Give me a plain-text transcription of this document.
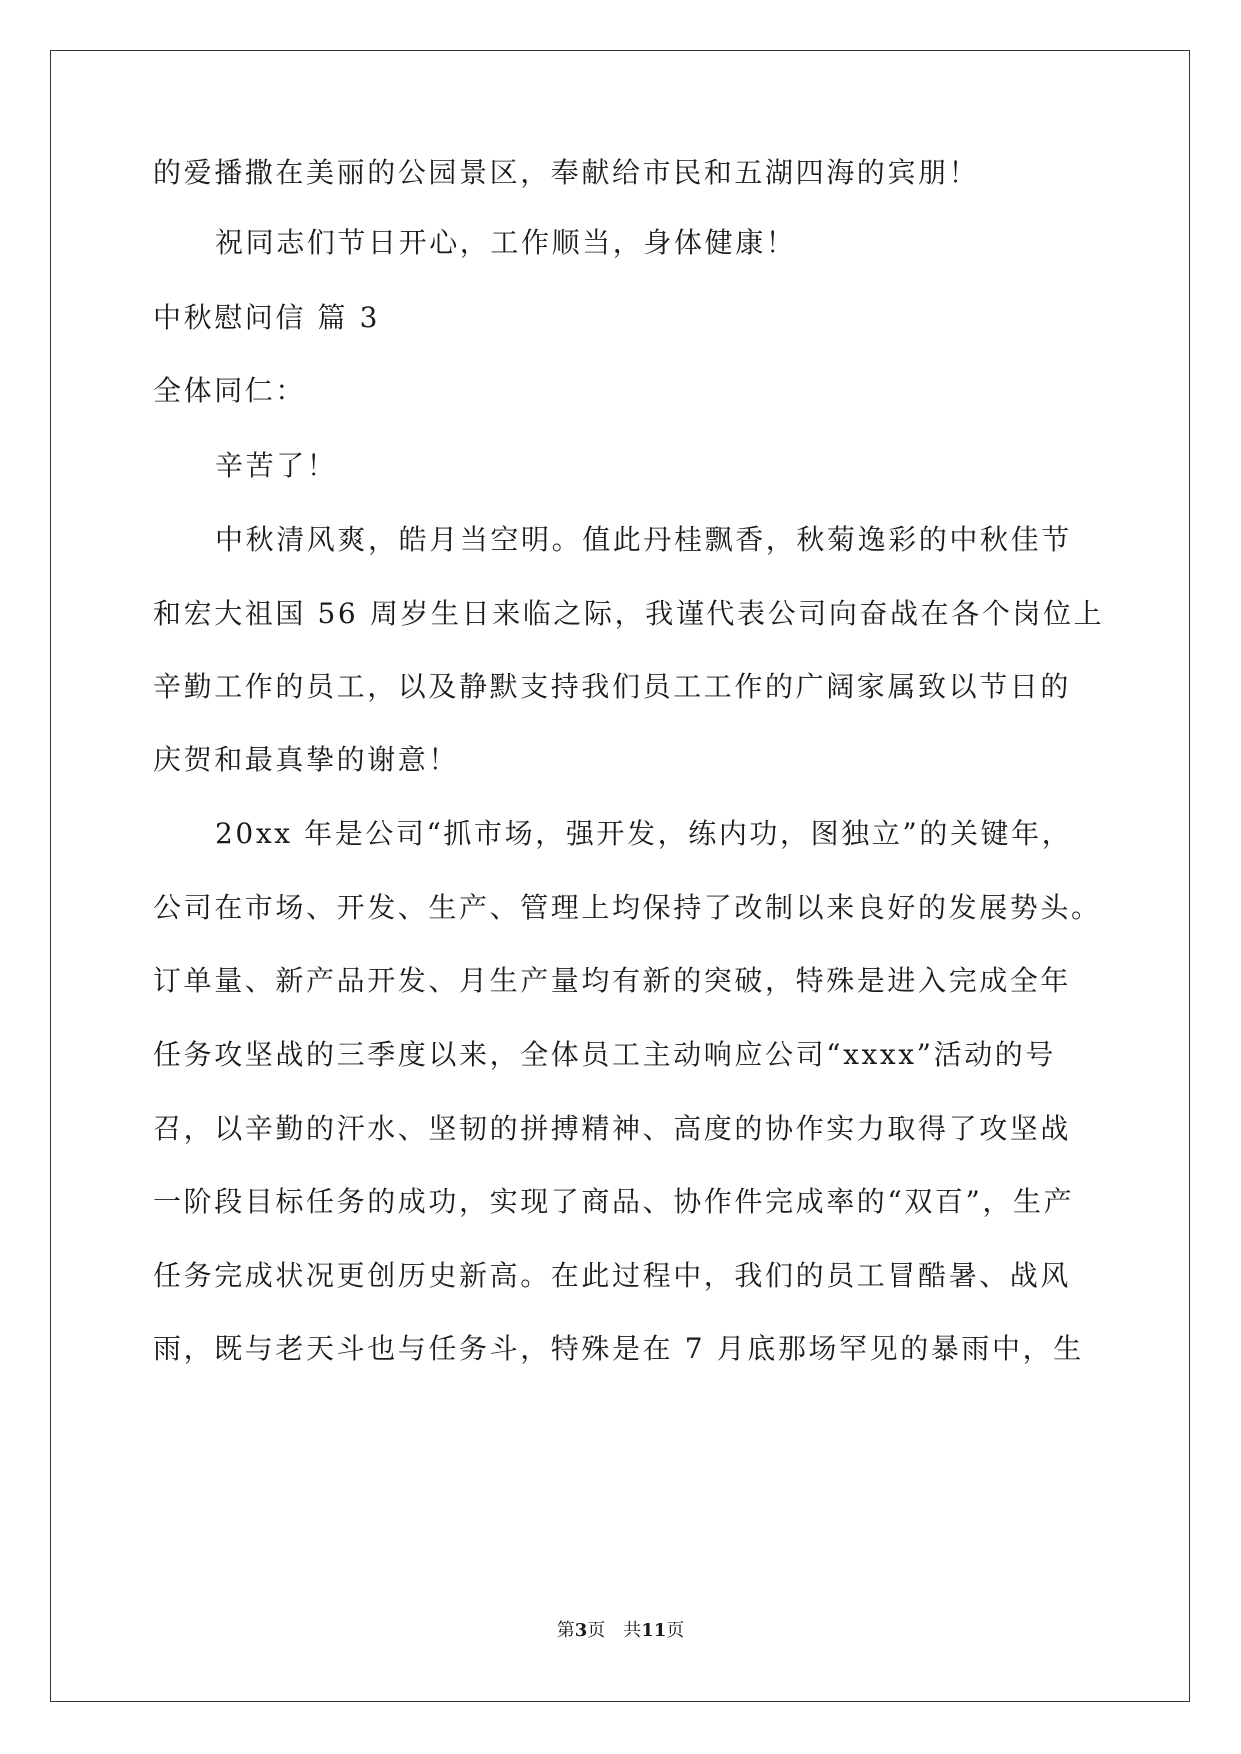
的爱播撒在美丽的公园景区，奉献给市民和五湖四海的宾朋！
祝同志们节日开心，工作顺当，身体健康！
中秋慰问信 篇 3
全体同仁：
辛苦了！
中秋清风爽，皓月当空明。值此丹桂飘香，秋菊逸彩的中秋佳节
和宏大祖国 56 周岁生日来临之际，我谨代表公司向奋战在各个岗位上
辛勤工作的员工，以及静默支持我们员工工作的广阔家属致以节日的
庆贺和最真挚的谢意！
20xx 年是公司“抓市场，强开发，练内功，图独立”的关键年，
公司在市场、开发、生产、管理上均保持了改制以来良好的发展势头。
订单量、新产品开发、月生产量均有新的突破，特殊是进入完成全年
任务攻坚战的三季度以来，全体员工主动响应公司“xxxx”活动的号
召，以辛勤的汗水、坚韧的拼搏精神、高度的协作实力取得了攻坚战
一阶段目标任务的成功，实现了商品、协作件完成率的“双百”，生产
任务完成状况更创历史新高。在此过程中，我们的员工冒酷暑、战风
雨，既与老天斗也与任务斗，特殊是在 7 月底那场罕见的暴雨中，生
第3页　共11页
